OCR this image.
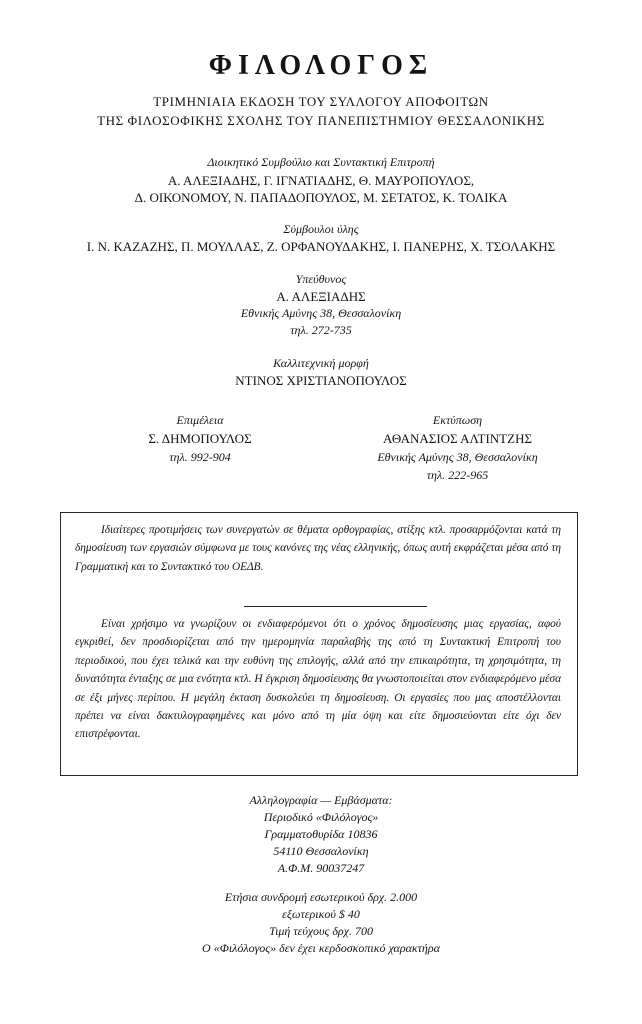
ΦΙΛΟΛΟΓΟΣ
ΤΡΙΜΗΝΙΑΙΑ ΕΚΔΟΣΗ ΤΟΥ ΣΥΛΛΟΓΟΥ ΑΠΟΦΟΙΤΩΝ
ΤΗΣ ΦΙΛΟΣΟΦΙΚΗΣ ΣΧΟΛΗΣ ΤΟΥ ΠΑΝΕΠΙΣΤΗΜΙΟΥ ΘΕΣΣΑΛΟΝΙΚΗΣ
Διοικητικό Συμβούλιο και Συντακτική Επιτροπή
Α. ΑΛΕΞΙΑΔΗΣ, Γ. ΙΓΝΑΤΙΑΔΗΣ, Θ. ΜΑΥΡΟΠΟΥΛΟΣ,
Δ. ΟΙΚΟΝΟΜΟΥ, Ν. ΠΑΠΑΔΟΠΟΥΛΟΣ, Μ. ΣΕΤΑΤΟΣ, Κ. ΤΟΛΙΚΑ
Σύμβουλοι ύλης
Ι. Ν. ΚΑΖΑΖΗΣ, Π. ΜΟΥΛΛΑΣ, Ζ. ΟΡΦΑΝΟΥΔΑΚΗΣ, Ι. ΠΑΝΕΡΗΣ, Χ. ΤΣΟΛΑΚΗΣ
Υπεύθυνος
Α. ΑΛΕΞΙΑΔΗΣ
Εθνικής Αμύνης 38, Θεσσαλονίκη
τηλ. 272-735
Καλλιτεχνική μορφή
ΝΤΙΝΟΣ ΧΡΙΣΤΙΑΝΟΠΟΥΛΟΣ
Επιμέλεια
Σ. ΔΗΜΟΠΟΥΛΟΣ
τηλ. 992-904
Εκτύπωση
ΑΘΑΝΑΣΙΟΣ ΑΛΤΙΝΤΖΗΣ
Εθνικής Αμύνης 38, Θεσσαλονίκη
τηλ. 222-965

Ιδιαίτερες προτιμήσεις των συνεργατών σε θέματα ορθογραφίας, στίξης κτλ. προσαρμόζονται κατά τη δημοσίευση των εργασιών σύμφωνα με τους κανόνες της νέας ελληνικής, όπως αυτή εκφράζεται μέσα από τη Γραμματική και το Συντακτικό του ΟΕΔΒ.

Είναι χρήσιμο να γνωρίζουν οι ενδιαφερόμενοι ότι ο χρόνος δημοσίευσης μιας εργασίας, αφού εγκριθεί, δεν προσδιορίζεται από την ημερομηνία παραλαβής της από τη Συντακτική Επιτροπή του περιοδικού, που έχει τελικά και την ευθύνη της επιλογής, αλλά από την επικαιρότητα, τη χρησιμότητα, τη δυνατότητα ένταξης σε μια ενότητα κτλ. Η έγκριση δημοσίευσης θα γνωστοποιείται στον ενδιαφερόμενο μέσα σε έξι μήνες περίπου. Η μεγάλη έκταση δυσκολεύει τη δημοσίευση. Οι εργασίες που μας αποστέλλονται πρέπει να είναι δακτυλογραφημένες και μόνο από τη μία όψη και είτε δημοσιεύονται είτε όχι δεν επιστρέφονται.

Αλληλογραφία — Εμβάσματα:
Περιοδικό «Φιλόλογος»
Γραμματοθυρίδα 10836
54110 Θεσσαλονίκη
Α.Φ.Μ. 90037247
Ετήσια συνδρομή εσωτερικού δρχ. 2.000
εξωτερικού $ 40
Τιμή τεύχους δρχ. 700
Ο «Φιλόλογος» δεν έχει κερδοσκοπικό χαρακτήρα
